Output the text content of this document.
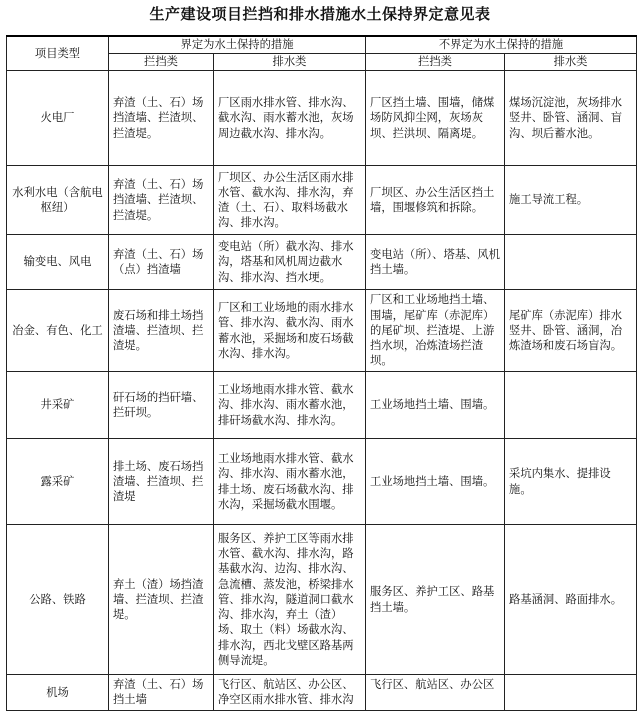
生产建设项目拦挡和排水措施水土保持界定意见表
项目类型	界定为水土保持的措施		不界定为水土保持的措施	
	拦挡类	排水类	拦挡类	排水类
火电厂	弃渣（土、石）场挡渣墙、拦渣坝、拦渣堤。	厂区雨水排水管、排水沟、截水沟、雨水蓄水池，灰场周边截水沟、排水沟。	厂区挡土墙、围墙，储煤场防风抑尘网，灰场灰坝、拦洪坝、隔离堤。	煤场沉淀池，灰场排水竖井、卧管、涵洞、盲沟、坝后蓄水池。
水利水电（含航电枢纽）	弃渣（土、石）场挡渣墙、拦渣坝、拦渣堤。	厂坝区、办公生活区雨水排水管、截水沟、排水沟，弃渣（土、石）、取料场截水沟、排水沟。	厂坝区、办公生活区挡土墙，围堰修筑和拆除。	施工导流工程。
输变电、风电	弃渣（土、石）场（点）挡渣墙	变电站（所）截水沟、排水沟，塔基和风机周边截水沟、排水沟、挡水埂。	变电站（所）、塔基、风机挡土墙。	
冶金、有色、化工	废石场和排土场挡渣墙、拦渣坝、拦渣堤。	厂区和工业场地的雨水排水管、排水沟、截水沟、雨水蓄水池，采掘场和废石场截水沟、排水沟。	厂区和工业场地挡土墙、围墙，尾矿库（赤泥库）的尾矿坝、拦渣堤、上游挡水坝，冶炼渣场拦渣坝。	尾矿库（赤泥库）排水竖井、卧管、涵洞，冶炼渣场和废石场盲沟。
井采矿	矸石场的挡矸墙、拦矸坝。	工业场地雨水排水管、截水沟、排水沟、雨水蓄水池，排矸场截水沟、排水沟。	工业场地挡土墙、围墙。	
露采矿	排土场、废石场挡渣墙、拦渣坝、拦渣堤	工业场地雨水排水管、截水沟、排水沟、雨水蓄水池，排土场、废石场截水沟、排水沟，采掘场截水围堰。	工业场地挡土墙、围墙。	采坑内集水、提排设施。
公路、铁路	弃土（渣）场挡渣墙、拦渣坝、拦渣堤。	服务区、养护工区等雨水排水管、截水沟、排水沟，路基截水沟、边沟、排水沟、急流槽、蒸发池，桥梁排水管、排水沟，隧道洞口截水沟、排水沟，弃土（渣）场、取土（料）场截水沟、排水沟，西北戈壁区路基两侧导流堤。	服务区、养护工区、路基挡土墙。	路基涵洞、路面排水。
机场	弃渣（土、石）场挡土墙	飞行区、航站区、办公区、净空区雨水排水管、排水沟	飞行区、航站区、办公区	
